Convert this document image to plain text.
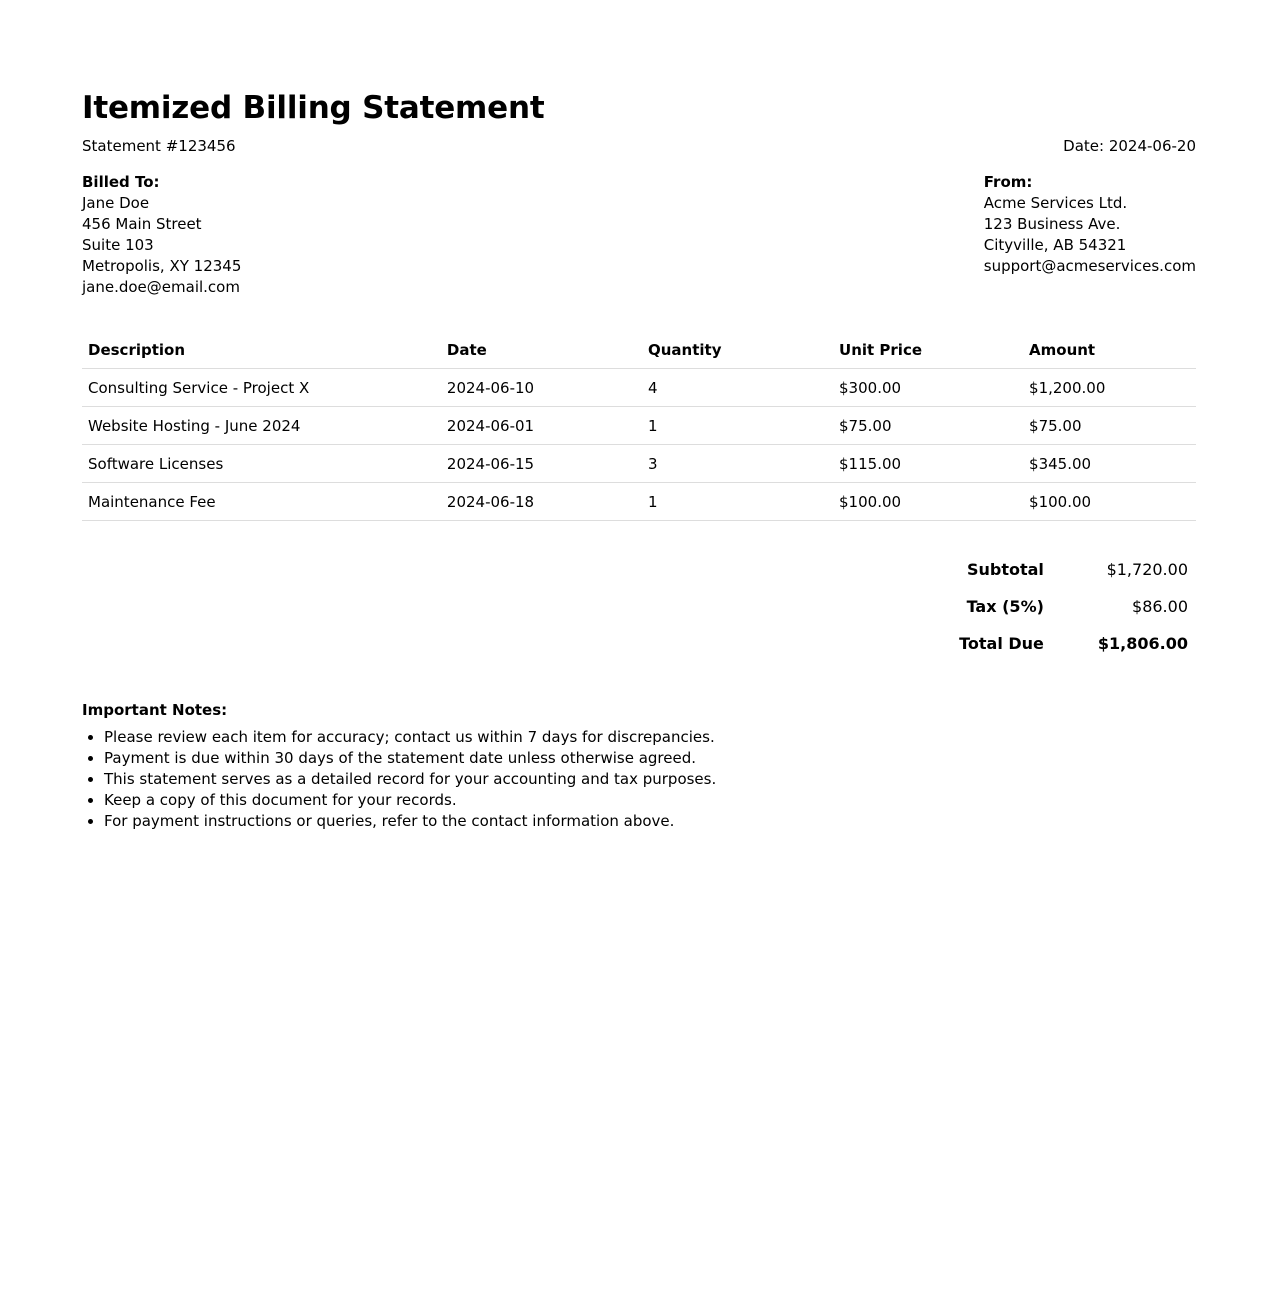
Itemized Billing Statement
Statement #123456	Date: 2024-06-20
Billed To:
Jane Doe
456 Main Street
Suite 103
Metropolis, XY 12345
jane.doe@email.com
From:
Acme Services Ltd.
123 Business Ave.
Cityville, AB 54321
support@acmeservices.com
Description	Date	Quantity	Unit Price	Amount
Consulting Service - Project X	2024-06-10	4	$300.00	$1,200.00
Website Hosting - June 2024	2024-06-01	1	$75.00	$75.00
Software Licenses	2024-06-15	3	$115.00	$345.00
Maintenance Fee	2024-06-18	1	$100.00	$100.00
Subtotal	$1,720.00
Tax (5%)	$86.00
Total Due	$1,806.00
Important Notes:
• Please review each item for accuracy; contact us within 7 days for discrepancies.
• Payment is due within 30 days of the statement date unless otherwise agreed.
• This statement serves as a detailed record for your accounting and tax purposes.
• Keep a copy of this document for your records.
• For payment instructions or queries, refer to the contact information above.
